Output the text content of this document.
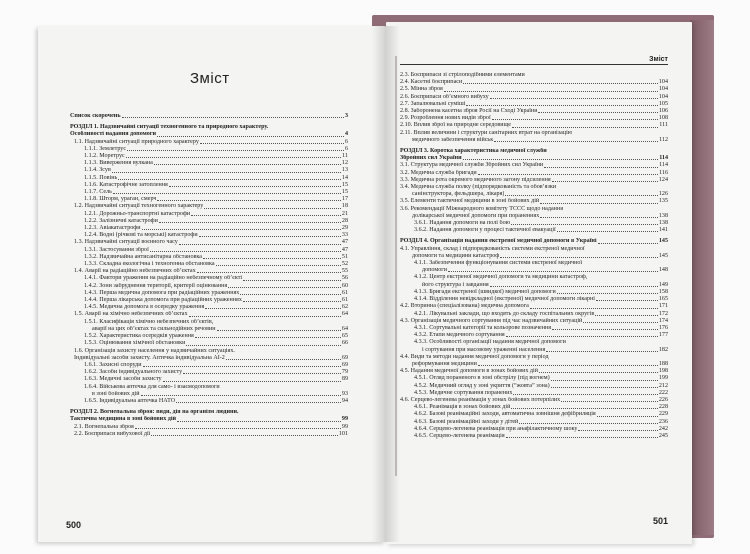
Зміст
Зміст
Список скорочень	3
РОЗДІЛ 1. Надзвичайні ситуації техногенного та природного характеру.
Особливості надання допомоги	4
1.1. Надзвичайні ситуації природного характеру	6
1.1.1. Землетрус	6
1.1.2. Моретрус	11
1.1.3. Виверження вулкана	12
1.1.4. Зсув	13
1.1.5. Повінь	14
1.1.6. Катастрофічне затоплення	15
1.1.7. Сель	15
1.1.8. Шторм, ураган, смерч	17
1.2. Надзвичайні ситуації техногенного характеру	18
1.2.1. Дорожньо-транспортні катастрофи	21
1.2.2. Залізничні катастрофи	28
1.2.3. Авіакатастрофи	29
1.2.4. Водні (річкові та морські) катастрофи	33
1.3. Надзвичайні ситуації воєнного часу	47
1.3.1. Застосування зброї	47
1.3.2. Надзвичайна антисанітарна обстановка	51
1.3.3. Складна екологічна і техногенна обстановка	52
1.4. Аварії на радіаційно небезпечних об’єктах	55
1.4.1. Фактори ураження на радіаційно небезпечному об’єкті	56
1.4.2. Зони забруднення території, критерії оцінювання	60
1.4.3. Перша медична допомога при радіаційних ураженнях	61
1.4.4. Перша лікарська допомога при радіаційних ураженнях	61
1.4.5. Медична допомога в осередку ураження	62
1.5. Аварії на хімічно небезпечних об’єктах	64
1.5.1. Класифікація хімічно небезпечних об’єктів,
аварії на цих об’єктах та сильнодійних речовин	64
1.5.2. Характеристика осередків ураження	65
1.5.3. Оцінювання хімічної обстановки	66
1.6. Організація захисту населення у надзвичайних ситуаціях.
Індивідуальні засоби захисту. Аптечка індивідуальна АІ-2	69
1.6.1. Захисні споруди	69
1.6.2. Засоби індивідуального захисту	79
1.6.3. Медичні засоби захисту	89
1.6.4. Військова аптечка для само- і взаємодопомоги
в зоні бойових дій	93
1.6.5. Індивідуальна аптечка НАТО	94
РОЗДІЛ 2. Вогнепальна зброя: види, дія на організм людини.
Тактична медицина в зоні бойових дій	99
2.1. Вогнепальна зброя	99
2.2. Боєприпаси вибухової дії	101
2.3. Боєприпаси зі стрілоподібними елементами
2.4. Касетні боєприпаси	104
2.5. Мінна зброя	104
2.6. Боєприпаси об’ємного вибуху	104
2.7. Запалювальні суміші	105
2.8. Заборонена касетна зброя Росії на Сході України	106
2.9. Розроблення нових видів зброї	108
2.10. Вплив зброї на природне середовище	111
2.11. Вплив величини і структури санітарних втрат на організацію
медичного забезпечення військ	112
РОЗДІЛ 3. Коротка характеристика медичної служби
Збройних сил України	114
3.1. Структура медичної служби Збройних сил України	114
3.2. Медична служба бригади	116
3.3. Медична рота окремого медичного загону підсилення	124
3.4. Медична служба полку (підпорядкованість та обов’язки
санінструктора, фельдшера, лікаря)	126
3.5. Елементи тактичної медицини в зоні бойових дій	135
3.6. Рекомендації Міжнародного комітету ТССС щодо надання
долікарської медичної допомоги при пораненнях	138
3.6.1. Надання допомоги на полі бою	138
3.6.2. Надання допомоги у процесі тактичної евакуації	141
РОЗДІЛ 4. Організація надання екстреної медичної допомоги в Україні	145
4.1. Управління, склад і підпорядкованість системи екстреної медичної
допомоги та медицини катастроф	145
4.1.1. Забезпечення функціонування системи екстреної медичної
допомоги	148
4.1.2. Центр екстреної медичної допомоги та медицини катастроф,
його структура і завдання	149
4.1.3. Бригади екстреної (швидкої) медичної допомоги	158
4.1.4. Відділення невідкладної (екстреної) медичної допомоги лікарні	165
4.2. Вторинна (спеціалізована) медична допомога	171
4.2.1. Лікувальні заклади, що входять до складу госпітальних округів	172
4.3. Організація медичного сортування під час надзвичайних ситуацій	174
4.3.1. Сортувальні категорії та кольорове позначення	176
4.3.2. Етапи медичного сортування	177
4.3.3. Особливості організації надання медичної допомоги
і сортування при масовому ураженні населення	182
4.4. Види та методи надання медичної допомоги у період
реформування медицини	188
4.5. Надання медичної допомоги в зонах бойових дій	198
4.5.1. Огляд пораненого в зоні обстрілу (під вогнем)	199
4.5.2. Медичний огляд у зоні укриття (“жовта” зона)	212
4.5.3. Медичне сортування поранених	222
4.6. Серцево-легенева реанімація у зонах бойових потерпілих	226
4.6.1. Реанімація в зонах бойових дій	228
4.6.2. Базові реанімаційні заходи, автоматична зовнішня дефібриляція	229
4.6.3. Базові реанімаційні заходи у дітей	236
4.6.4. Серцево-легенева реанімація при анафілактичному шоку	242
4.6.5. Серцево-легенева реанімація	245
500	501
